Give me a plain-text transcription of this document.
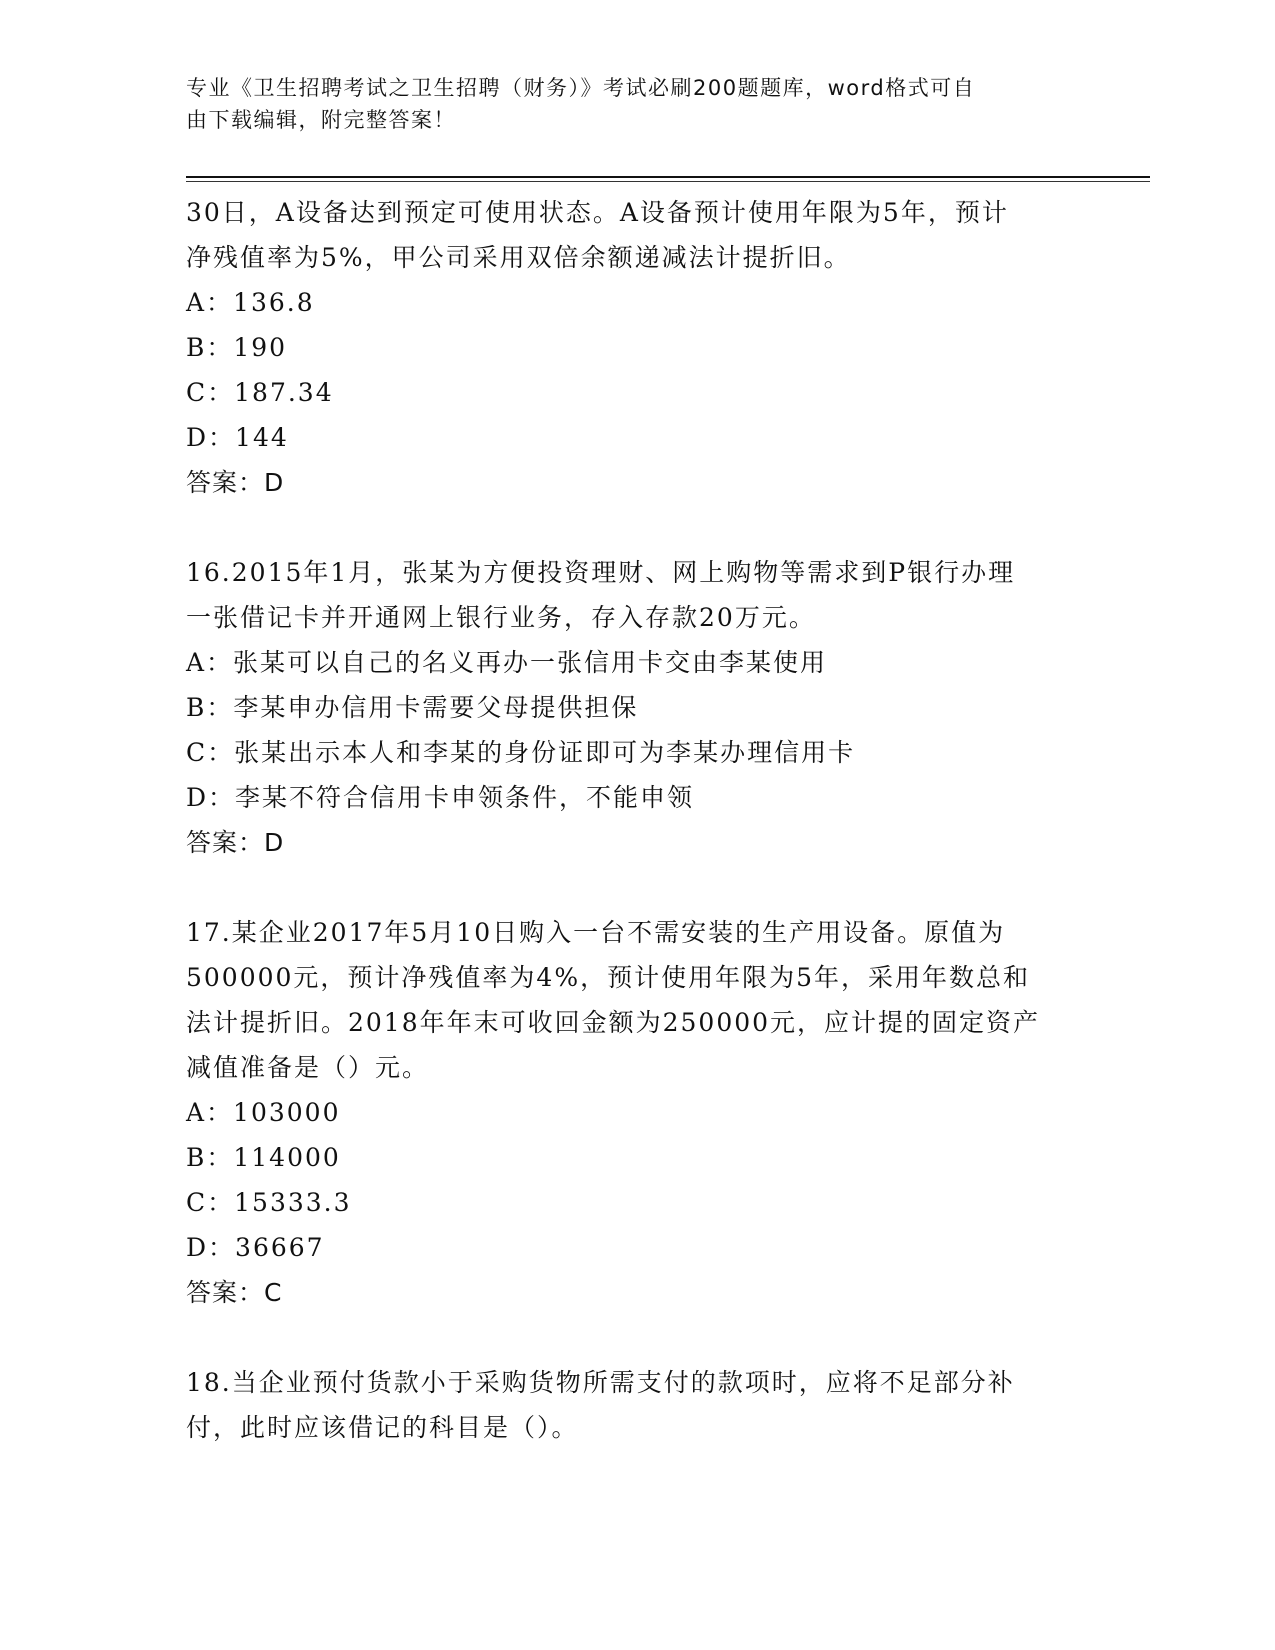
专业《卫生招聘考试之卫生招聘（财务）》考试必刷200题题库，word格式可自
由下载编辑，附完整答案！
30日，A设备达到预定可使用状态。A设备预计使用年限为5年，预计
净残值率为5%，甲公司采用双倍余额递减法计提折旧。
A：136.8
B：190
C：187.34
D：144
答案：D
16.2015年1月，张某为方便投资理财、网上购物等需求到P银行办理
一张借记卡并开通网上银行业务，存入存款20万元。
A：张某可以自己的名义再办一张信用卡交由李某使用
B：李某申办信用卡需要父母提供担保
C：张某出示本人和李某的身份证即可为李某办理信用卡
D：李某不符合信用卡申领条件，不能申领
答案：D
17.某企业2017年5月10日购入一台不需安装的生产用设备。原值为
500000元，预计净残值率为4%，预计使用年限为5年，采用年数总和
法计提折旧。2018年年末可收回金额为250000元，应计提的固定资产
减值准备是（）元。
A：103000
B：114000
C：15333.3
D：36667
答案：C
18.当企业预付货款小于采购货物所需支付的款项时，应将不足部分补
付，此时应该借记的科目是（）。
